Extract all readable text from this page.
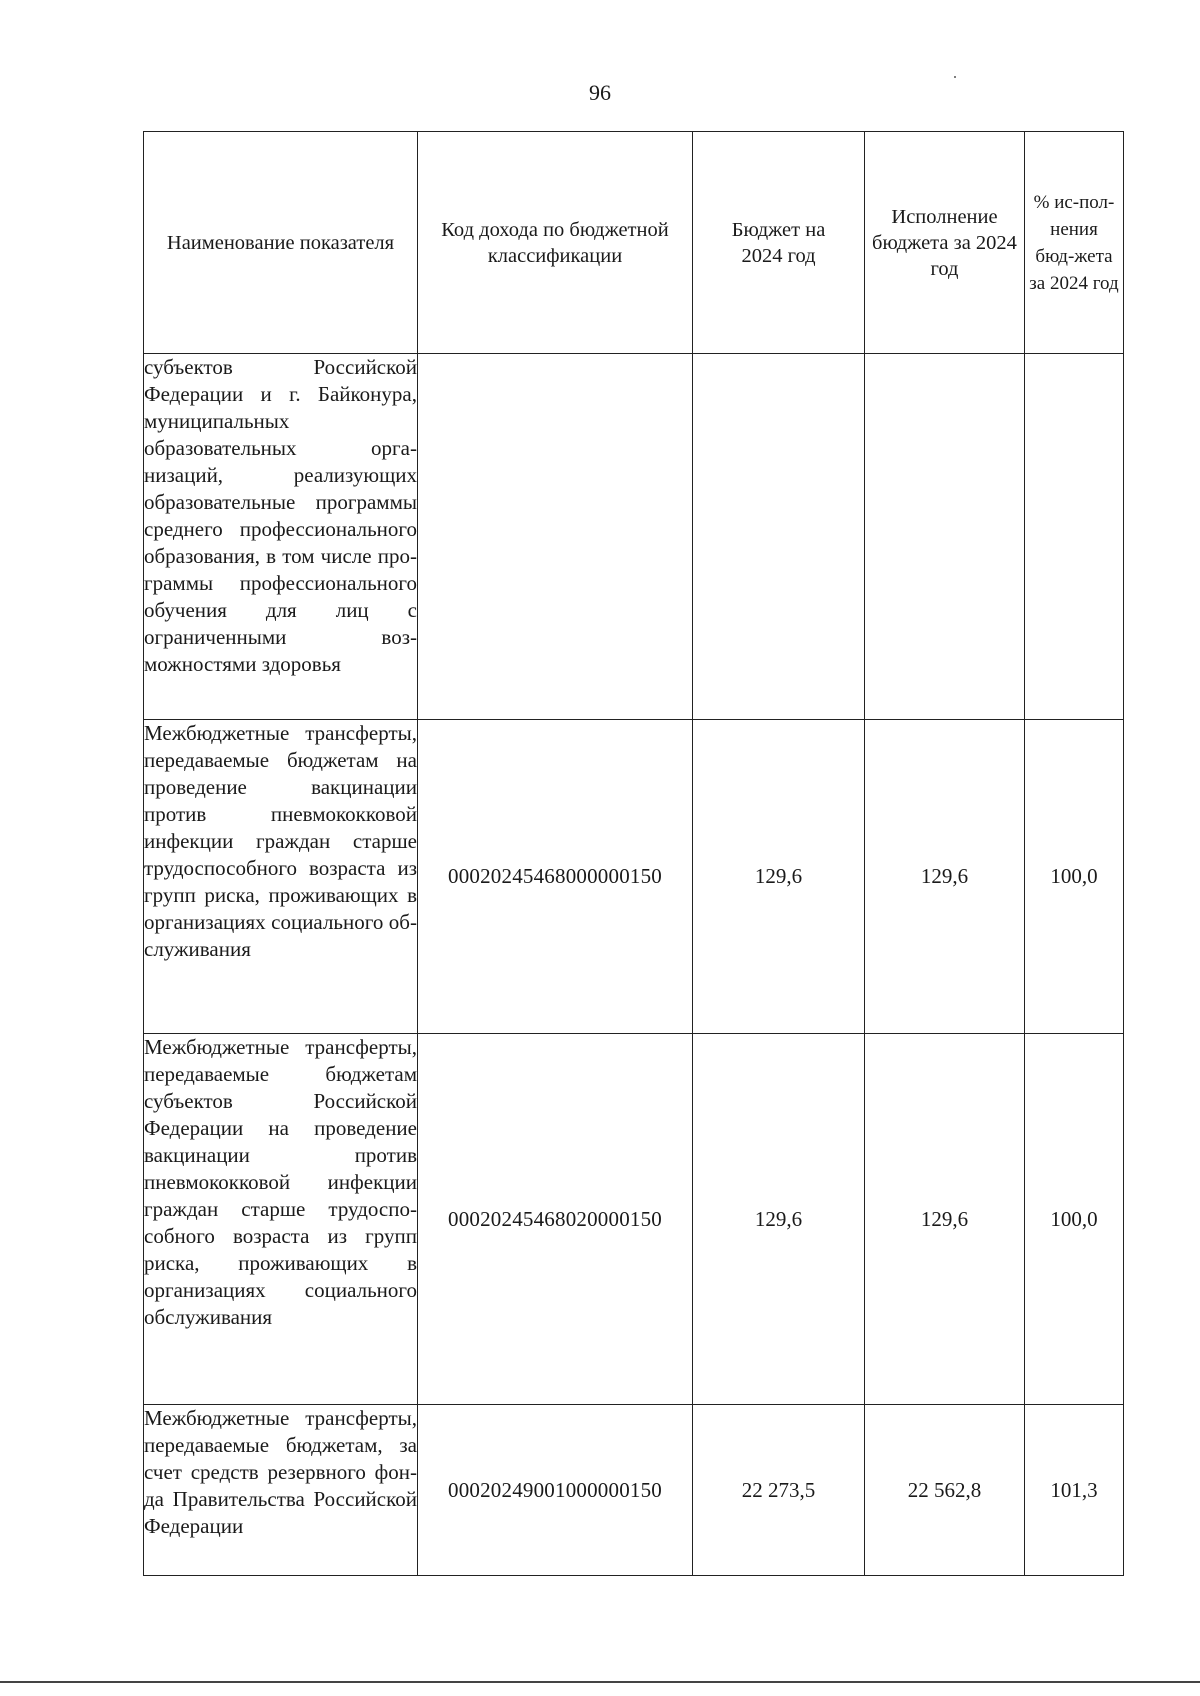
96
Наименование показателя	Код дохода по бюджетной классификации	Бюджет на 2024 год	Исполнение бюджета за 2024 год	% ис-пол-нения бюд-жета за 2024 год

субъектов Российской Федерации и г. Байконура, муниципальных образовательных организаций, реализующих образовательные программы среднего профессионального образования, в том числе программы профессионального обучения для лиц с ограниченными возможностями здоровья				
Межбюджетные трансферты, передаваемые бюджетам на проведение вакцинации против пневмококковой инфекции граждан старше трудоспособного возраста из групп риска, проживающих в организациях социального обслуживания	00020245468000000150	129,6	129,6	100,0
Межбюджетные трансферты, передаваемые бюджетам субъектов Российской Федерации на проведение вакцинации против пневмококковой инфекции граждан старше трудоспособного возраста из групп риска, проживающих в организациях социального обслуживания	00020245468020000150	129,6	129,6	100,0
Межбюджетные трансферты, передаваемые бюджетам, за счет средств резервного фонда Правительства Российской Федерации	00020249001000000150	22 273,5	22 562,8	101,3
